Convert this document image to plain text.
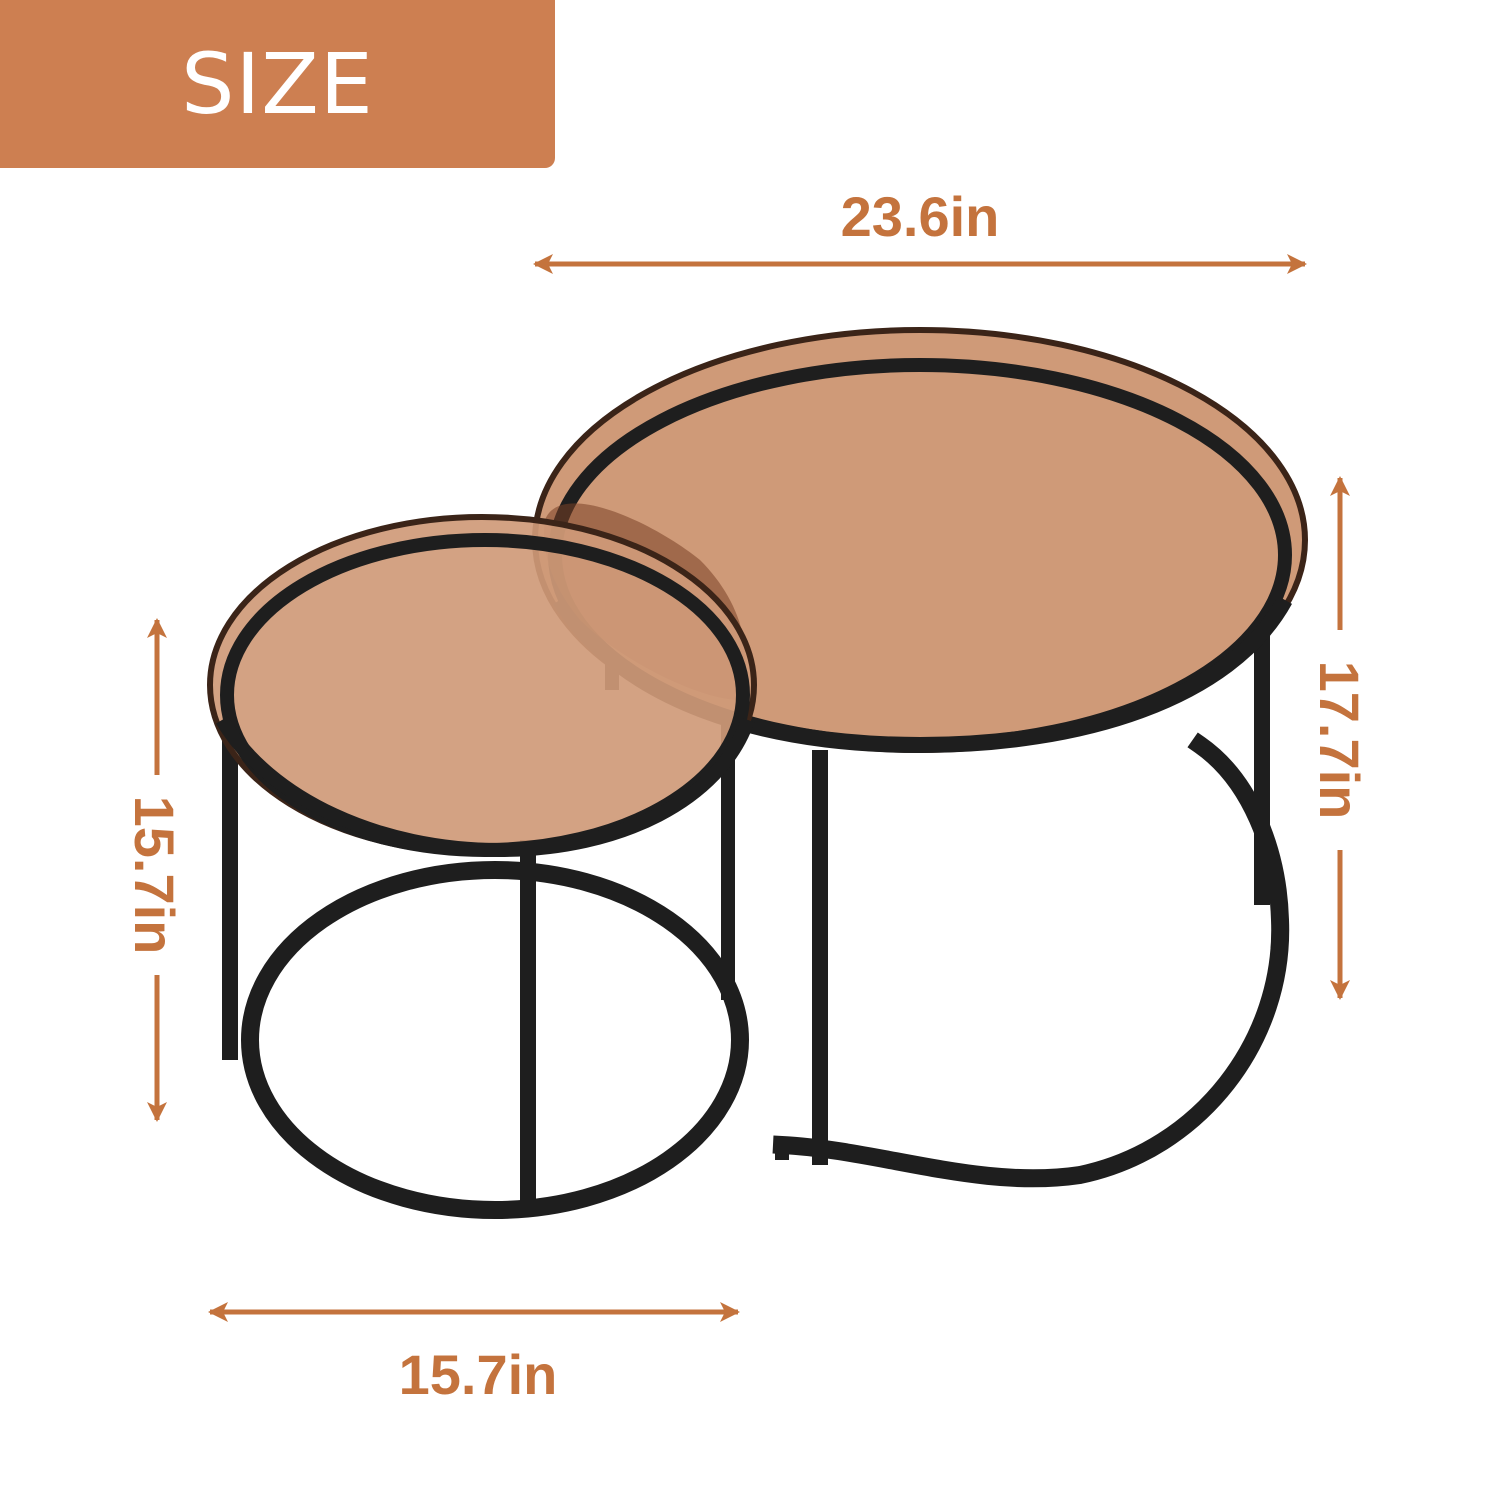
SIZE
23.6in
17.7in
15.7in
15.7in
